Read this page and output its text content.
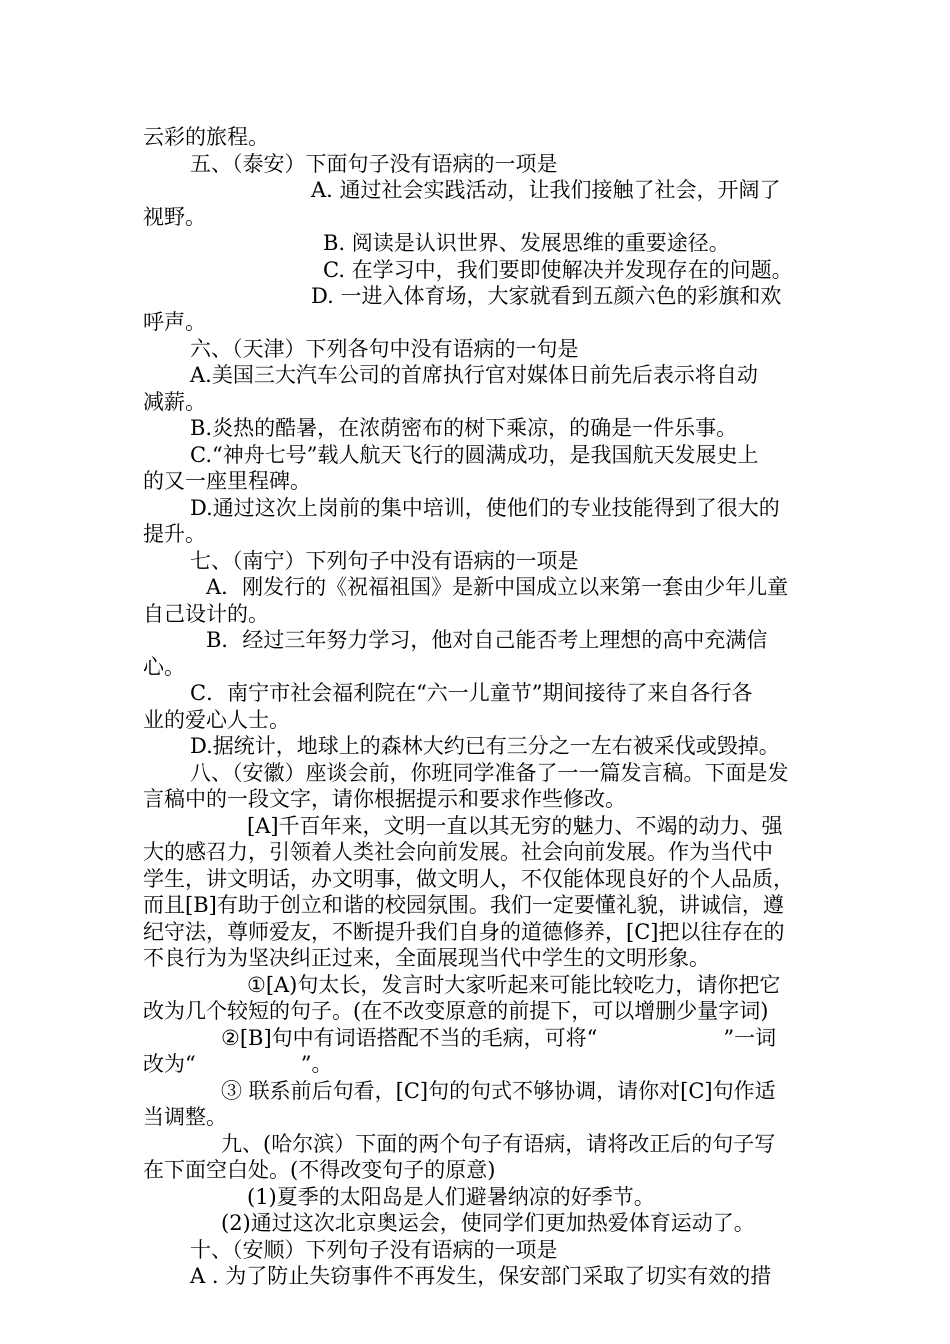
云彩的旅程。
五、（泰安）下面句子没有语病的一项是
A. 通过社会实践活动，让我们接触了社会，开阔了
视野。
B. 阅读是认识世界、发展思维的重要途径。
C. 在学习中，我们要即使解决并发现存在的问题。
D. 一进入体育场，大家就看到五颜六色的彩旗和欢
呼声。
六、（天津）下列各句中没有语病的一句是
A.美国三大汽车公司的首席执行官对媒体日前先后表示将自动
减薪。
B.炎热的酷暑，在浓荫密布的树下乘凉，的确是一件乐事。
C.“神舟七号”载人航天飞行的圆满成功，是我国航天发展史上
的又一座里程碑。
D.通过这次上岗前的集中培训，使他们的专业技能得到了很大的
提升。
七、（南宁）下列句子中没有语病的一项是
A．刚发行的《祝福祖国》是新中国成立以来第一套由少年儿童
自己设计的。
B．经过三年努力学习，他对自己能否考上理想的高中充满信
心。
C．南宁市社会福利院在“六一儿童节”期间接待了来自各行各
业的爱心人士。
D.据统计，地球上的森林大约已有三分之一左右被采伐或毁掉。
八、（安徽）座谈会前，你班同学准备了一一篇发言稿。下面是发
言稿中的一段文字，请你根据提示和要求作些修改。
[A]千百年来，文明一直以其无穷的魅力、不竭的动力、强
大的感召力，引领着人类社会向前发展。社会向前发展。作为当代中
学生，讲文明话，办文明事，做文明人，不仅能体现良好的个人品质，
而且[B]有助于创立和谐的校园氛围。我们一定要懂礼貌，讲诚信，遵
纪守法，尊师爱友，不断提升我们自身的道德修养，[C]把以往存在的
不良行为为坚决纠正过来，全面展现当代中学生的文明形象。
①[A)句太长，发言时大家听起来可能比较吃力，请你把它
改为几个较短的句子。(在不改变原意的前提下，可以增删少量字词)
②[B]句中有词语搭配不当的毛病，可将“　　　　　　”一词
改为“　　　　　”。
③ 联系前后句看，[C]句的句式不够协调，请你对[C]句作适
当调整。
九、(哈尔滨）下面的两个句子有语病，请将改正后的句子写
在下面空白处。(不得改变句子的原意)
(1)夏季的太阳岛是人们避暑纳凉的好季节。
(2)通过这次北京奥运会，使同学们更加热爱体育运动了。
十、（安顺）下列句子没有语病的一项是
A . 为了防止失窃事件不再发生，保安部门采取了切实有效的措
